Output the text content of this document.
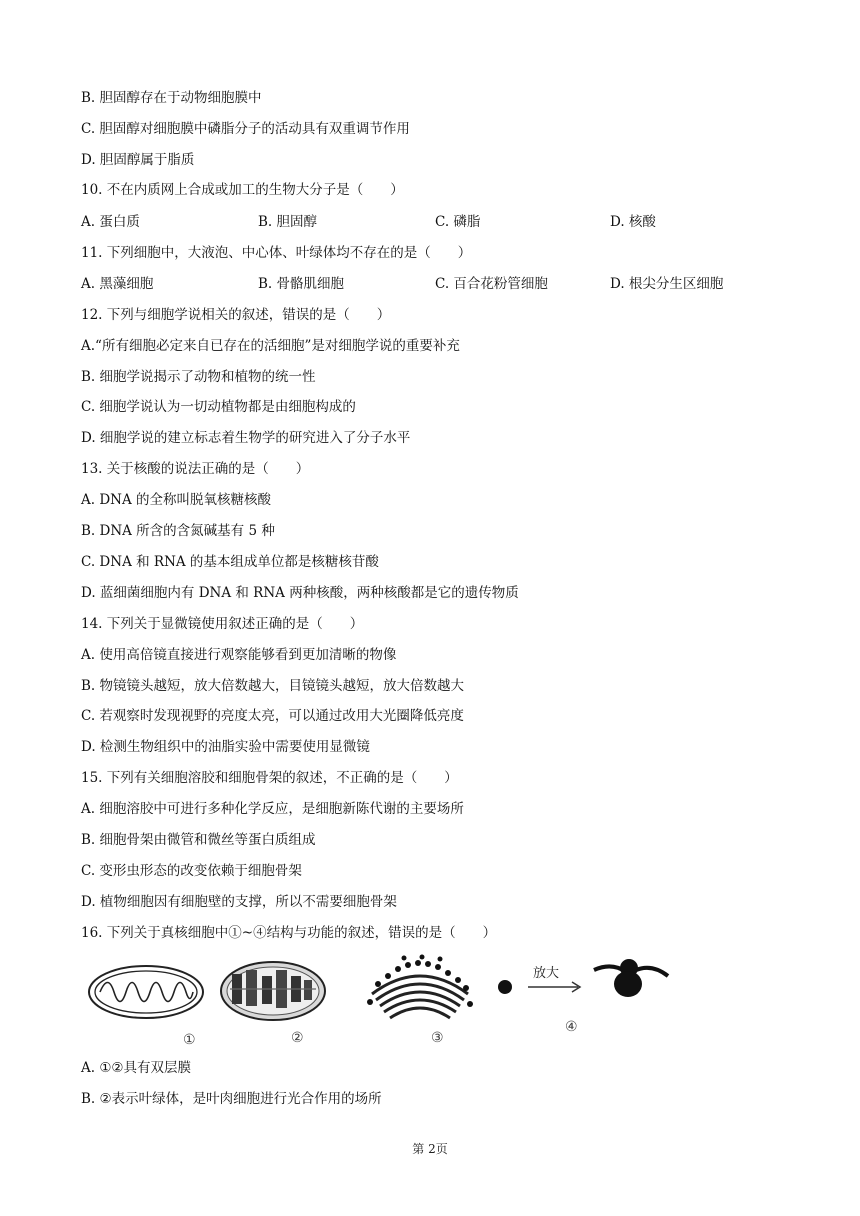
B. 胆固醇存在于动物细胞膜中
C. 胆固醇对细胞膜中磷脂分子的活动具有双重调节作用
D. 胆固醇属于脂质
10. 不在内质网上合成或加工的生物大分子是（　　）
A. 蛋白质	B. 胆固醇	C. 磷脂	D. 核酸
11. 下列细胞中，大液泡、中心体、叶绿体均不存在的是（　　）
A. 黑藻细胞	B. 骨骼肌细胞	C. 百合花粉管细胞	D. 根尖分生区细胞
12. 下列与细胞学说相关的叙述，错误的是（　　）
A.“所有细胞必定来自已存在的活细胞”是对细胞学说的重要补充
B. 细胞学说揭示了动物和植物的统一性
C. 细胞学说认为一切动植物都是由细胞构成的
D. 细胞学说的建立标志着生物学的研究进入了分子水平
13. 关于核酸的说法正确的是（　　）
A. DNA 的全称叫脱氧核糖核酸
B. DNA 所含的含氮碱基有 5 种
C. DNA 和 RNA 的基本组成单位都是核糖核苷酸
D. 蓝细菌细胞内有 DNA 和 RNA 两种核酸，两种核酸都是它的遗传物质
14. 下列关于显微镜使用叙述正确的是（　　）
A. 使用高倍镜直接进行观察能够看到更加清晰的物像
B. 物镜镜头越短，放大倍数越大，目镜镜头越短，放大倍数越大
C. 若观察时发现视野的亮度太亮，可以通过改用大光圈降低亮度
D. 检测生物组织中的油脂实验中需要使用显微镜
15. 下列有关细胞溶胶和细胞骨架的叙述，不正确的是（　　）
A. 细胞溶胶中可进行多种化学反应，是细胞新陈代谢的主要场所
B. 细胞骨架由微管和微丝等蛋白质组成
C. 变形虫形态的改变依赖于细胞骨架
D. 植物细胞因有细胞壁的支撑，所以不需要细胞骨架
16. 下列关于真核细胞中①~④结构与功能的叙述，错误的是（　　）
①	②	③
放大
④
A. ①②具有双层膜
B. ②表示叶绿体，是叶肉细胞进行光合作用的场所
第 2页
